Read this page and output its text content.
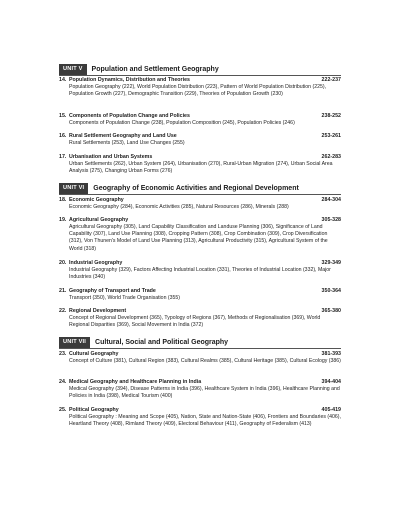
UNIT V	Population and Settlement Geography
14. Population Dynamics, Distribution and Theories	222-237
Population Geography (222), World Population Distribution (223), Pattern of World Population Distribution (225), Population Growth (227), Demographic Transition (229), Theories of Population Growth (230)
15. Components of Population Change and Policies	238-252
Components of Population Change (238), Population Composition (245), Population Policies (246)
16. Rural Settlement Geography and Land Use	253-261
Rural Settlements (253), Land Use Changes (255)
17. Urbanisation and Urban Systems	262-283
Urban Settlements (262), Urban System (264), Urbanisation (270), Rural-Urban Migration (274), Urban Social Area Analysis (275), Changing Urban Forms (276)
UNIT VI	Geography of Economic Activities and Regional Development
18. Economic Geography	284-304
Economic Geography (284), Economic Activities (285), Natural Resources (286), Minerals (288)
19. Agricultural Geography	305-328
Agricultural Geography (305), Land Capability Classification and Landuse Planning (306), Significance of Land Capability (307), Land Use Planning (308), Cropping Pattern (308), Crop Combination (309), Crop Diversification (312), Von Thunen's Model of Land Use Planning (313), Agricultural Productivity (315), Agricultural System of the World (318)
20. Industrial Geography	329-349
Industrial Geography (329), Factors Affecting Industrial Location (331), Theories of Industrial Location (332), Major Industries (340)
21. Geography of Transport and Trade	350-364
Transport (350), World Trade Organisation (355)
22. Regional Development	365-380
Concept of Regional Development (365), Typology of Regions (367), Methods of Regionalisation (369), World Regional Disparities (369), Social Movement in India (372)
UNIT VII	Cultural, Social and Political Geography
23. Cultural Geography	381-393
Concept of Culture (381), Cultural Region (383), Cultural Realms (385), Cultural Heritage (385), Cultural Ecology (386)
24. Medical Geography and Healthcare Planning in India	394-404
Medical Geography (394), Disease Patterns in India (396), Healthcare System in India (396), Healthcare Planning and Policies in India (398), Medical Tourism (400)
25. Political Geography	405-419
Political Geography : Meaning and Scope (405), Nation, State and Nation-State (406), Frontiers and Boundaries (406), Heartland Theory (408), Rimland Theory (409), Electoral Behaviour (411), Geography of Federalism (413)
